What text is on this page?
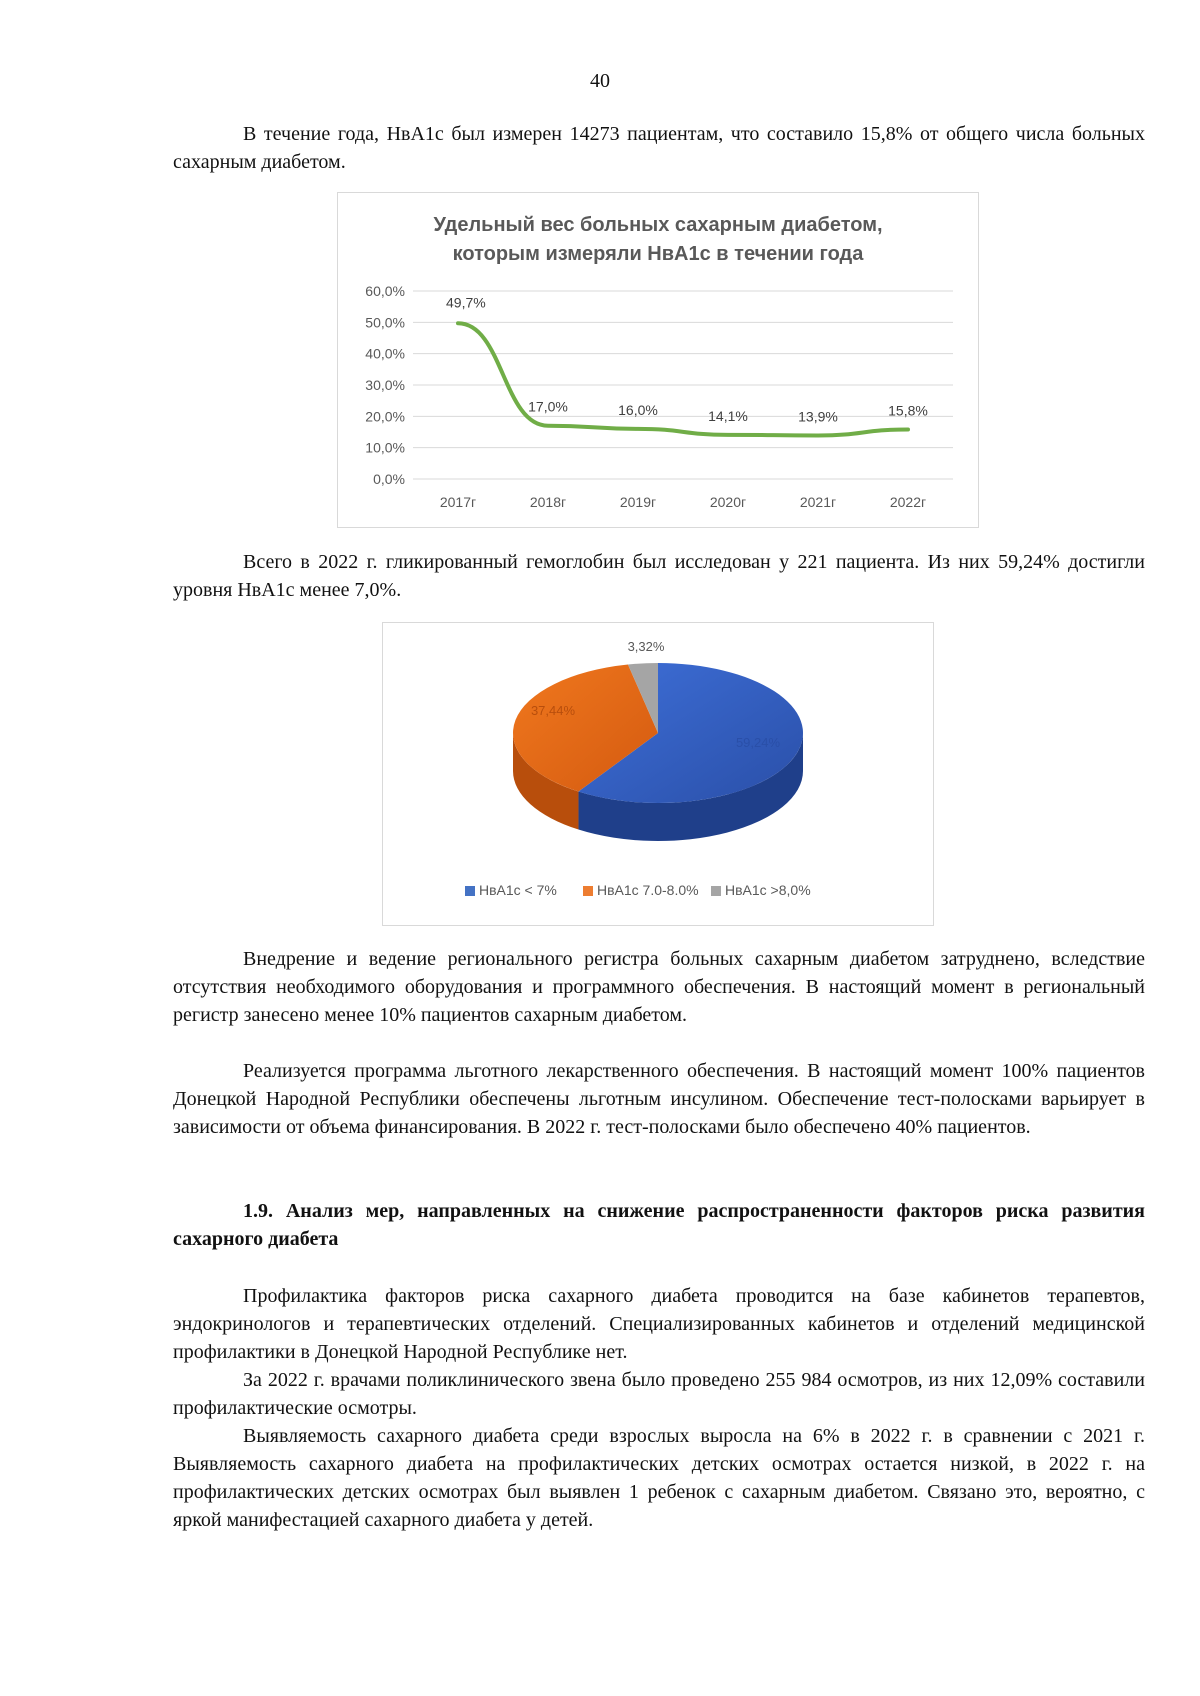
40

В течение года, НвА1с был измерен 14273 пациентам, что составило 15,8% от общего числа больных сахарным диабетом.

Удельный вес больных сахарным диабетом,
которым измеряли НвА1с в течении года
0,0%
10,0%
20,0%
30,0%
40,0%
50,0%
60,0%
2017г	2018г	2019г	2020г	2021г	2022г
49,7%
17,0%	16,0%	14,1%	13,9%	15,8%

Всего в 2022 г. гликированный гемоглобин был исследован у 221 пациента. Из них 59,24% достигли уровня НвА1с менее 7,0%.

59,24%
37,44%
3,32%
НвА1с < 7%	НвА1с 7.0-8.0% НвА1с >8,0%

Внедрение и ведение регионального регистра больных сахарным диабетом затруднено, вследствие отсутствия необходимого оборудования и программного обеспечения. В настоящий момент в региональный регистр занесено менее 10% пациентов сахарным диабетом.

Реализуется программа льготного лекарственного обеспечения. В настоящий момент 100% пациентов Донецкой Народной Республики обеспечены льготным инсулином. Обеспечение тест-полосками варьирует в зависимости от объема финансирования. В 2022 г. тест-полосками было обеспечено 40% пациентов.

1.9. Анализ мер, направленных на снижение распространенности факторов риска развития сахарного диабета

Профилактика факторов риска сахарного диабета проводится на базе кабинетов терапевтов, эндокринологов и терапевтических отделений. Специализированных кабинетов и отделений медицинской профилактики в Донецкой Народной Республике нет.

За 2022 г. врачами поликлинического звена было проведено 255 984 осмотров, из них 12,09% составили профилактические осмотры.

Выявляемость сахарного диабета среди взрослых выросла на 6% в 2022 г. в сравнении с 2021 г. Выявляемость сахарного диабета на профилактических детских осмотрах остается низкой, в 2022 г. на профилактических детских осмотрах был выявлен 1 ребенок с сахарным диабетом. Связано это, вероятно, с яркой манифестацией сахарного диабета у детей.
